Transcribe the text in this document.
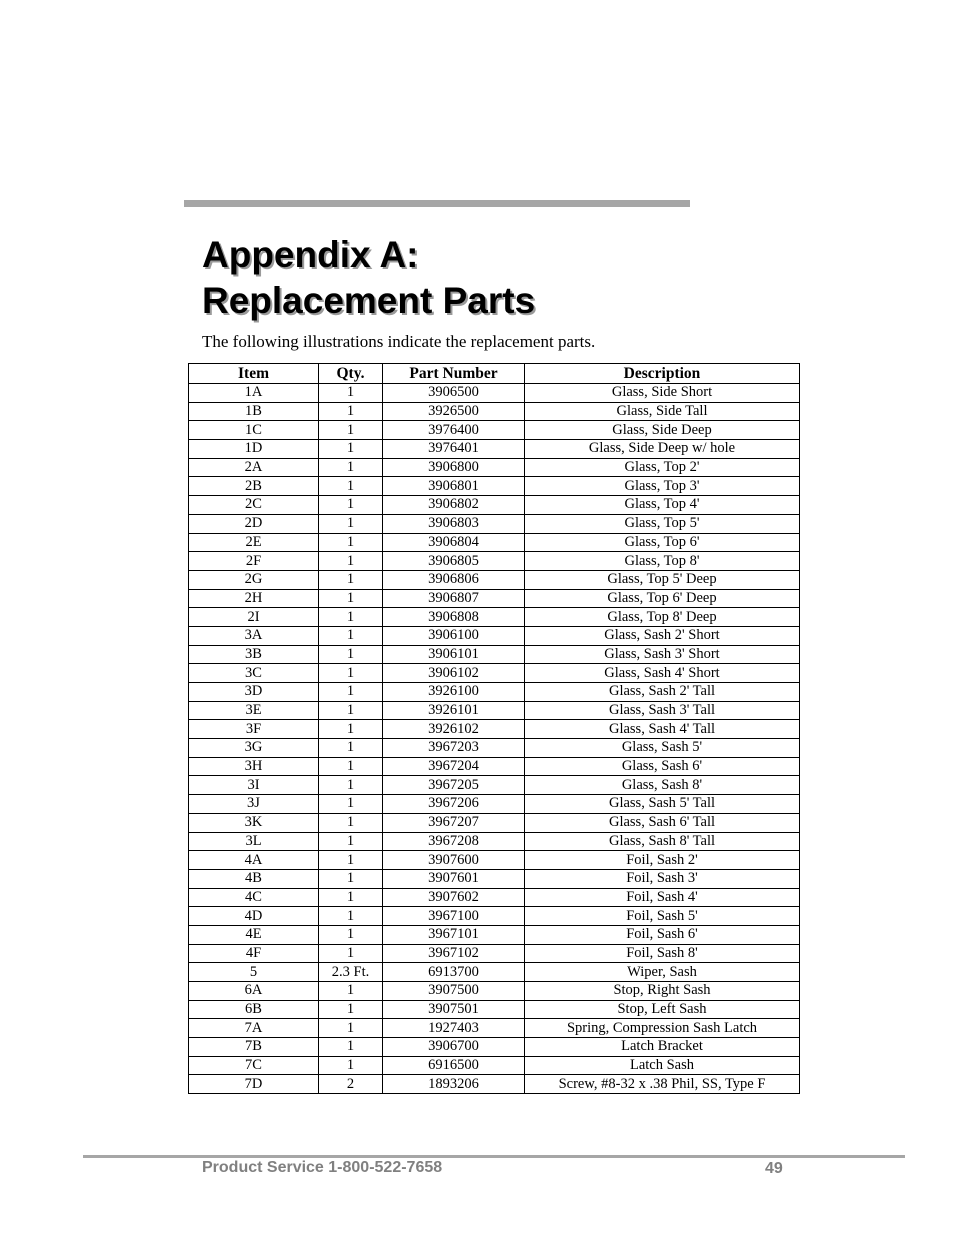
Appendix A:
Replacement Parts

The following illustrations indicate the replacement parts.

Item	Qty.	Part Number	Description
1A	1	3906500	Glass, Side Short
1B	1	3926500	Glass, Side Tall
1C	1	3976400	Glass, Side Deep
1D	1	3976401	Glass, Side Deep w/ hole
2A	1	3906800	Glass, Top 2'
2B	1	3906801	Glass, Top 3'
2C	1	3906802	Glass, Top 4'
2D	1	3906803	Glass, Top 5'
2E	1	3906804	Glass, Top 6'
2F	1	3906805	Glass, Top 8'
2G	1	3906806	Glass, Top 5' Deep
2H	1	3906807	Glass, Top 6' Deep
2I	1	3906808	Glass, Top 8' Deep
3A	1	3906100	Glass, Sash 2' Short
3B	1	3906101	Glass, Sash 3' Short
3C	1	3906102	Glass, Sash 4' Short
3D	1	3926100	Glass, Sash 2' Tall
3E	1	3926101	Glass, Sash 3' Tall
3F	1	3926102	Glass, Sash 4' Tall
3G	1	3967203	Glass, Sash 5'
3H	1	3967204	Glass, Sash 6'
3I	1	3967205	Glass, Sash 8'
3J	1	3967206	Glass, Sash 5' Tall
3K	1	3967207	Glass, Sash 6' Tall
3L	1	3967208	Glass, Sash 8' Tall
4A	1	3907600	Foil, Sash 2'
4B	1	3907601	Foil, Sash 3'
4C	1	3907602	Foil, Sash 4'
4D	1	3967100	Foil, Sash 5'
4E	1	3967101	Foil, Sash 6'
4F	1	3967102	Foil, Sash 8'
5	2.3 Ft.	6913700	Wiper, Sash
6A	1	3907500	Stop, Right Sash
6B	1	3907501	Stop, Left Sash
7A	1	1927403	Spring, Compression Sash Latch
7B	1	3906700	Latch Bracket
7C	1	6916500	Latch Sash
7D	2	1893206	Screw, #8-32 x .38 Phil, SS, Type F
Product Service 1-800-522-7658	49
